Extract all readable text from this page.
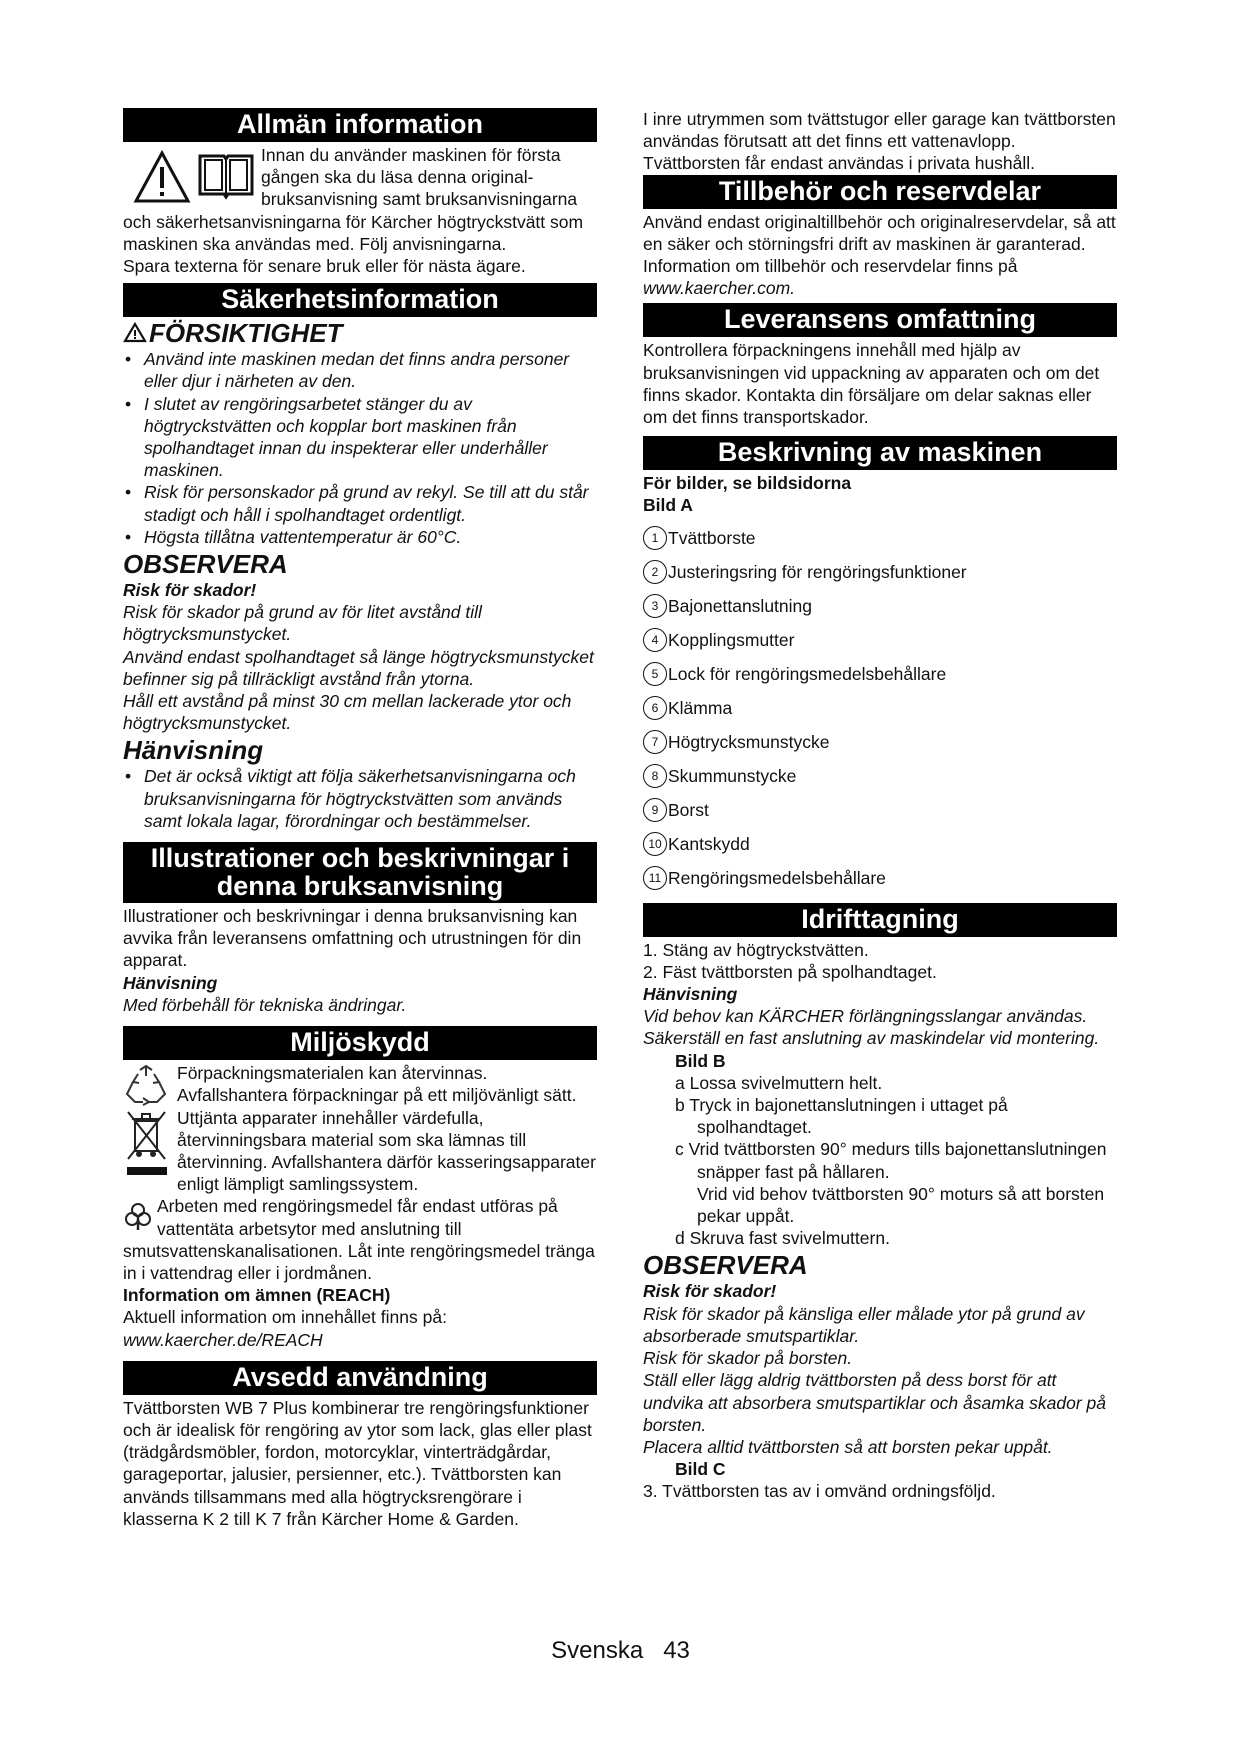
Allmän information

Innan du använder maskinen för första gången ska du läsa denna original-bruksanvisning samt bruksanvisningarna och säkerhetsanvisningarna för Kärcher högtryckstvätt som maskinen ska användas med. Följ anvisningarna.

Spara texterna för senare bruk eller för nästa ägare.

Säkerhetsinformation
FÖRSIKTIGHET
• Använd inte maskinen medan det finns andra personer eller djur i närheten av den.
• I slutet av rengöringsarbetet stänger du av högtryckstvätten och kopplar bort maskinen från spolhandtaget innan du inspekterar eller underhåller maskinen.
• Risk för personskador på grund av rekyl. Se till att du står stadigt och håll i spolhandtaget ordentligt.
• Högsta tillåtna vattentemperatur är 60°C.
OBSERVERA

Risk för skador!

Risk för skador på grund av för litet avstånd till högtrycksmunstycket.

Använd endast spolhandtaget så länge högtrycksmunstycket befinner sig på tillräckligt avstånd från ytorna.

Håll ett avstånd på minst 30 cm mellan lackerade ytor och högtrycksmunstycket.

Hänvisning
• Det är också viktigt att följa säkerhetsanvisningarna och bruksanvisningarna för högtryckstvätten som används samt lokala lagar, förordningar och bestämmelser.
Illustrationer och beskrivningar i
denna bruksanvisning

Illustrationer och beskrivningar i denna bruksanvisning kan avvika från leveransens omfattning och utrustningen för din apparat.

Hänvisning

Med förbehåll för tekniska ändringar.

Miljöskydd

Förpackningsmaterialen kan återvinnas. Avfallshantera förpackningar på ett miljövänligt sätt.

Uttjänta apparater innehåller värdefulla, återvinningsbara material som ska lämnas till återvinning. Avfallshantera därför kasseringsapparater enligt lämpligt samlingssystem.

Arbeten med rengöringsmedel får endast utföras på vattentäta arbetsytor med anslutning till smutsvattenskanalisationen. Låt inte rengöringsmedel tränga in i vattendrag eller i jordmånen.

Information om ämnen (REACH)

Aktuell information om innehållet finns på: www.kaercher.de/REACH

Avsedd användning

Tvättborsten WB 7 Plus kombinerar tre rengöringsfunktioner och är idealisk för rengöring av ytor som lack, glas eller plast (trädgårdsmöbler, fordon, motorcyklar, vinterträdgårdar, garageportar, jalusier, persienner, etc.). Tvättborsten kan används tillsammans med alla högtrycksrengörare i klasserna K 2 till K 7 från Kärcher Home & Garden.

I inre utrymmen som tvättstugor eller garage kan tvättborsten användas förutsatt att det finns ett vattenavlopp.

Tvättborsten får endast användas i privata hushåll.

Tillbehör och reservdelar

Använd endast originaltillbehör och originalreservdelar, så att en säker och störningsfri drift av maskinen är garanterad.

Information om tillbehör och reservdelar finns på www.kaercher.com.

Leveransens omfattning

Kontrollera förpackningens innehåll med hjälp av bruksanvisningen vid uppackning av apparaten och om det finns skador. Kontakta din försäljare om delar saknas eller om det finns transportskador.

Beskrivning av maskinen

För bilder, se bildsidorna

Bild A

1 Tvättborste
2 Justeringsring för rengöringsfunktioner
3 Bajonettanslutning
4 Kopplingsmutter
5 Lock för rengöringsmedelsbehållare
6 Klämma
7 Högtrycksmunstycke
8 Skummunstycke
9 Borst
10 Kantskydd
11 Rengöringsmedelsbehållare
Idrifttagning

1. Stäng av högtryckstvätten.

2. Fäst tvättborsten på spolhandtaget.

Hänvisning

Vid behov kan KÄRCHER förlängningsslangar användas.

Säkerställ en fast anslutning av maskindelar vid montering.

Bild B

a Lossa svivelmuttern helt.

b Tryck in bajonettanslutningen i uttaget på spolhandtaget.

c Vrid tvättborsten 90° medurs tills bajonettanslutningen snäpper fast på hållaren.

Vrid vid behov tvättborsten 90° moturs så att borsten pekar uppåt.

d Skruva fast svivelmuttern.

OBSERVERA

Risk för skador!

Risk för skador på känsliga eller målade ytor på grund av absorberade smutspartiklar.

Risk för skador på borsten.

Ställ eller lägg aldrig tvättborsten på dess borst för att undvika att absorbera smutspartiklar och åsamka skador på borsten.

Placera alltid tvättborsten så att borsten pekar uppåt.

Bild C

3. Tvättborsten tas av i omvänd ordningsföljd.

Svenska 43
